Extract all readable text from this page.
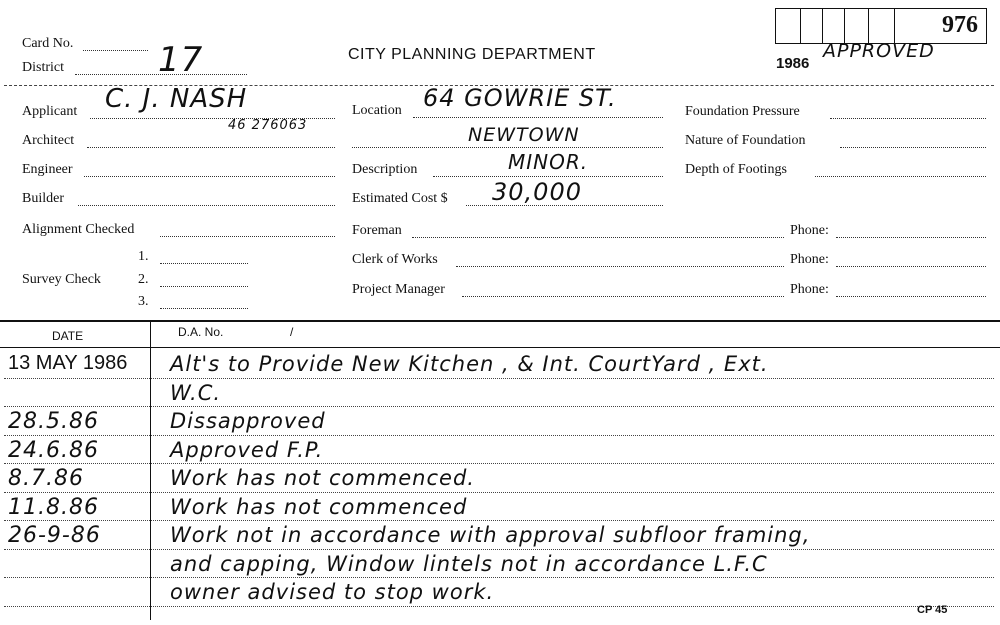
Card No.
District	17	CITY PLANNING DEPARTMENT
1986
APPROVED
976
Applicant C. J. NASH
46 276063
Architect
Engineer
Builder
Alignment Checked
Survey Check
1.
2.
3.
Location 64 GOWRIE ST.
NEWTOWN
Description	MINOR.
Estimated Cost $ 30,000
Foreman
Clerk of Works
Project Manager
Phone:
Phone:
Phone:
Foundation Pressure
Nature of Foundation
Depth of Footings
DATE	D.A. No.	/
13 MAY 1986 Alt's to Provide New Kitchen , & Int. CourtYard , Ext.
W.C.
28.5.86	Dissapproved
24.6.86	Approved F.P.
8.7.86	Work has not commenced.
11.8.86	Work has not commenced
26-9-86	Work not in accordance with approval subfloor framing,
and capping, Window lintels not in accordance L.F.C
owner advised to stop work.
CP 45
